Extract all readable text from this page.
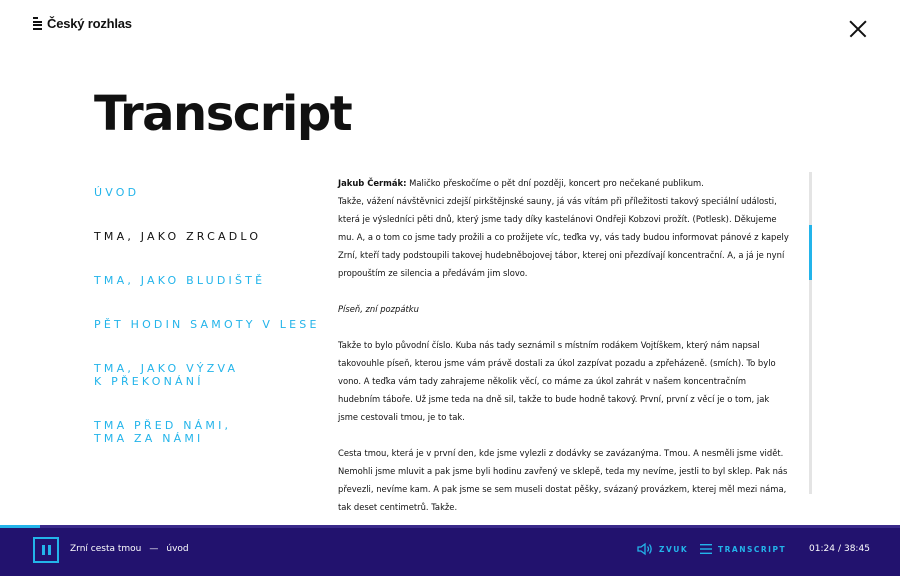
Český rozhlas
Transcript
ÚVOD
TMA, JAKO ZRCADLO
TMA, JAKO BLUDIŠTĚ
PĚT HODIN SAMOTY V LESE
TMA, JAKO VÝZVA
K PŘEKONÁNÍ
TMA PŘED NÁMI,
TMA ZA NÁMI

Jakub Čermák: Maličko přeskočíme o pět dní později, koncert pro nečekané publikum.
Takže, vážení návštěvnici zdejší pirkštějnské sauny, já vás vítám při příležitosti takový speciální události, která je výsledníci pěti dnů, který jsme tady díky kastelánovi Ondřeji Kobzovi prožít. (Potlesk). Děkujeme mu. A, a o tom co jsme tady prožili a co prožijete víc, teďka vy, vás tady budou informovat pánové z kapely Zrní, kteří tady podstoupili takovej hudebněbojovej tábor, kterej oni přezdívají koncentrační. A, a já je nyní propouštím ze silencia a předávám jim slovo.

Píseň, zní pozpátku

Takže to bylo původní číslo. Kuba nás tady seznámil s místním rodákem Vojtíškem, který nám napsal takovouhle píseň, kterou jsme vám právě dostali za úkol zazpívat pozadu a zpřeházeně. (smích). To bylo vono. A teďka vám tady zahrajeme několik věcí, co máme za úkol zahrát v našem koncentračním hudebním táboře. Už jsme teda na dně sil, takže to bude hodně takový. První, první z věcí je o tom, jak jsme cestovali tmou, je to tak.

Cesta tmou, která je v první den, kde jsme vylezli z dodávky se zavázanýma. Tmou. A nesměli jsme vidět. Nemohli jsme mluvit a pak jsme byli hodinu zavřený ve sklepě, teda my nevíme, jestli to byl sklep. Pak nás převezli, nevíme kam. A pak jsme se sem museli dostat pěšky, svázaný provázkem, kterej měl mezi náma, tak deset centimetrů. Takže.

Zrní cesta tmou — úvod	ZVUK	TRANSCRIPT	01:24 / 38:45
